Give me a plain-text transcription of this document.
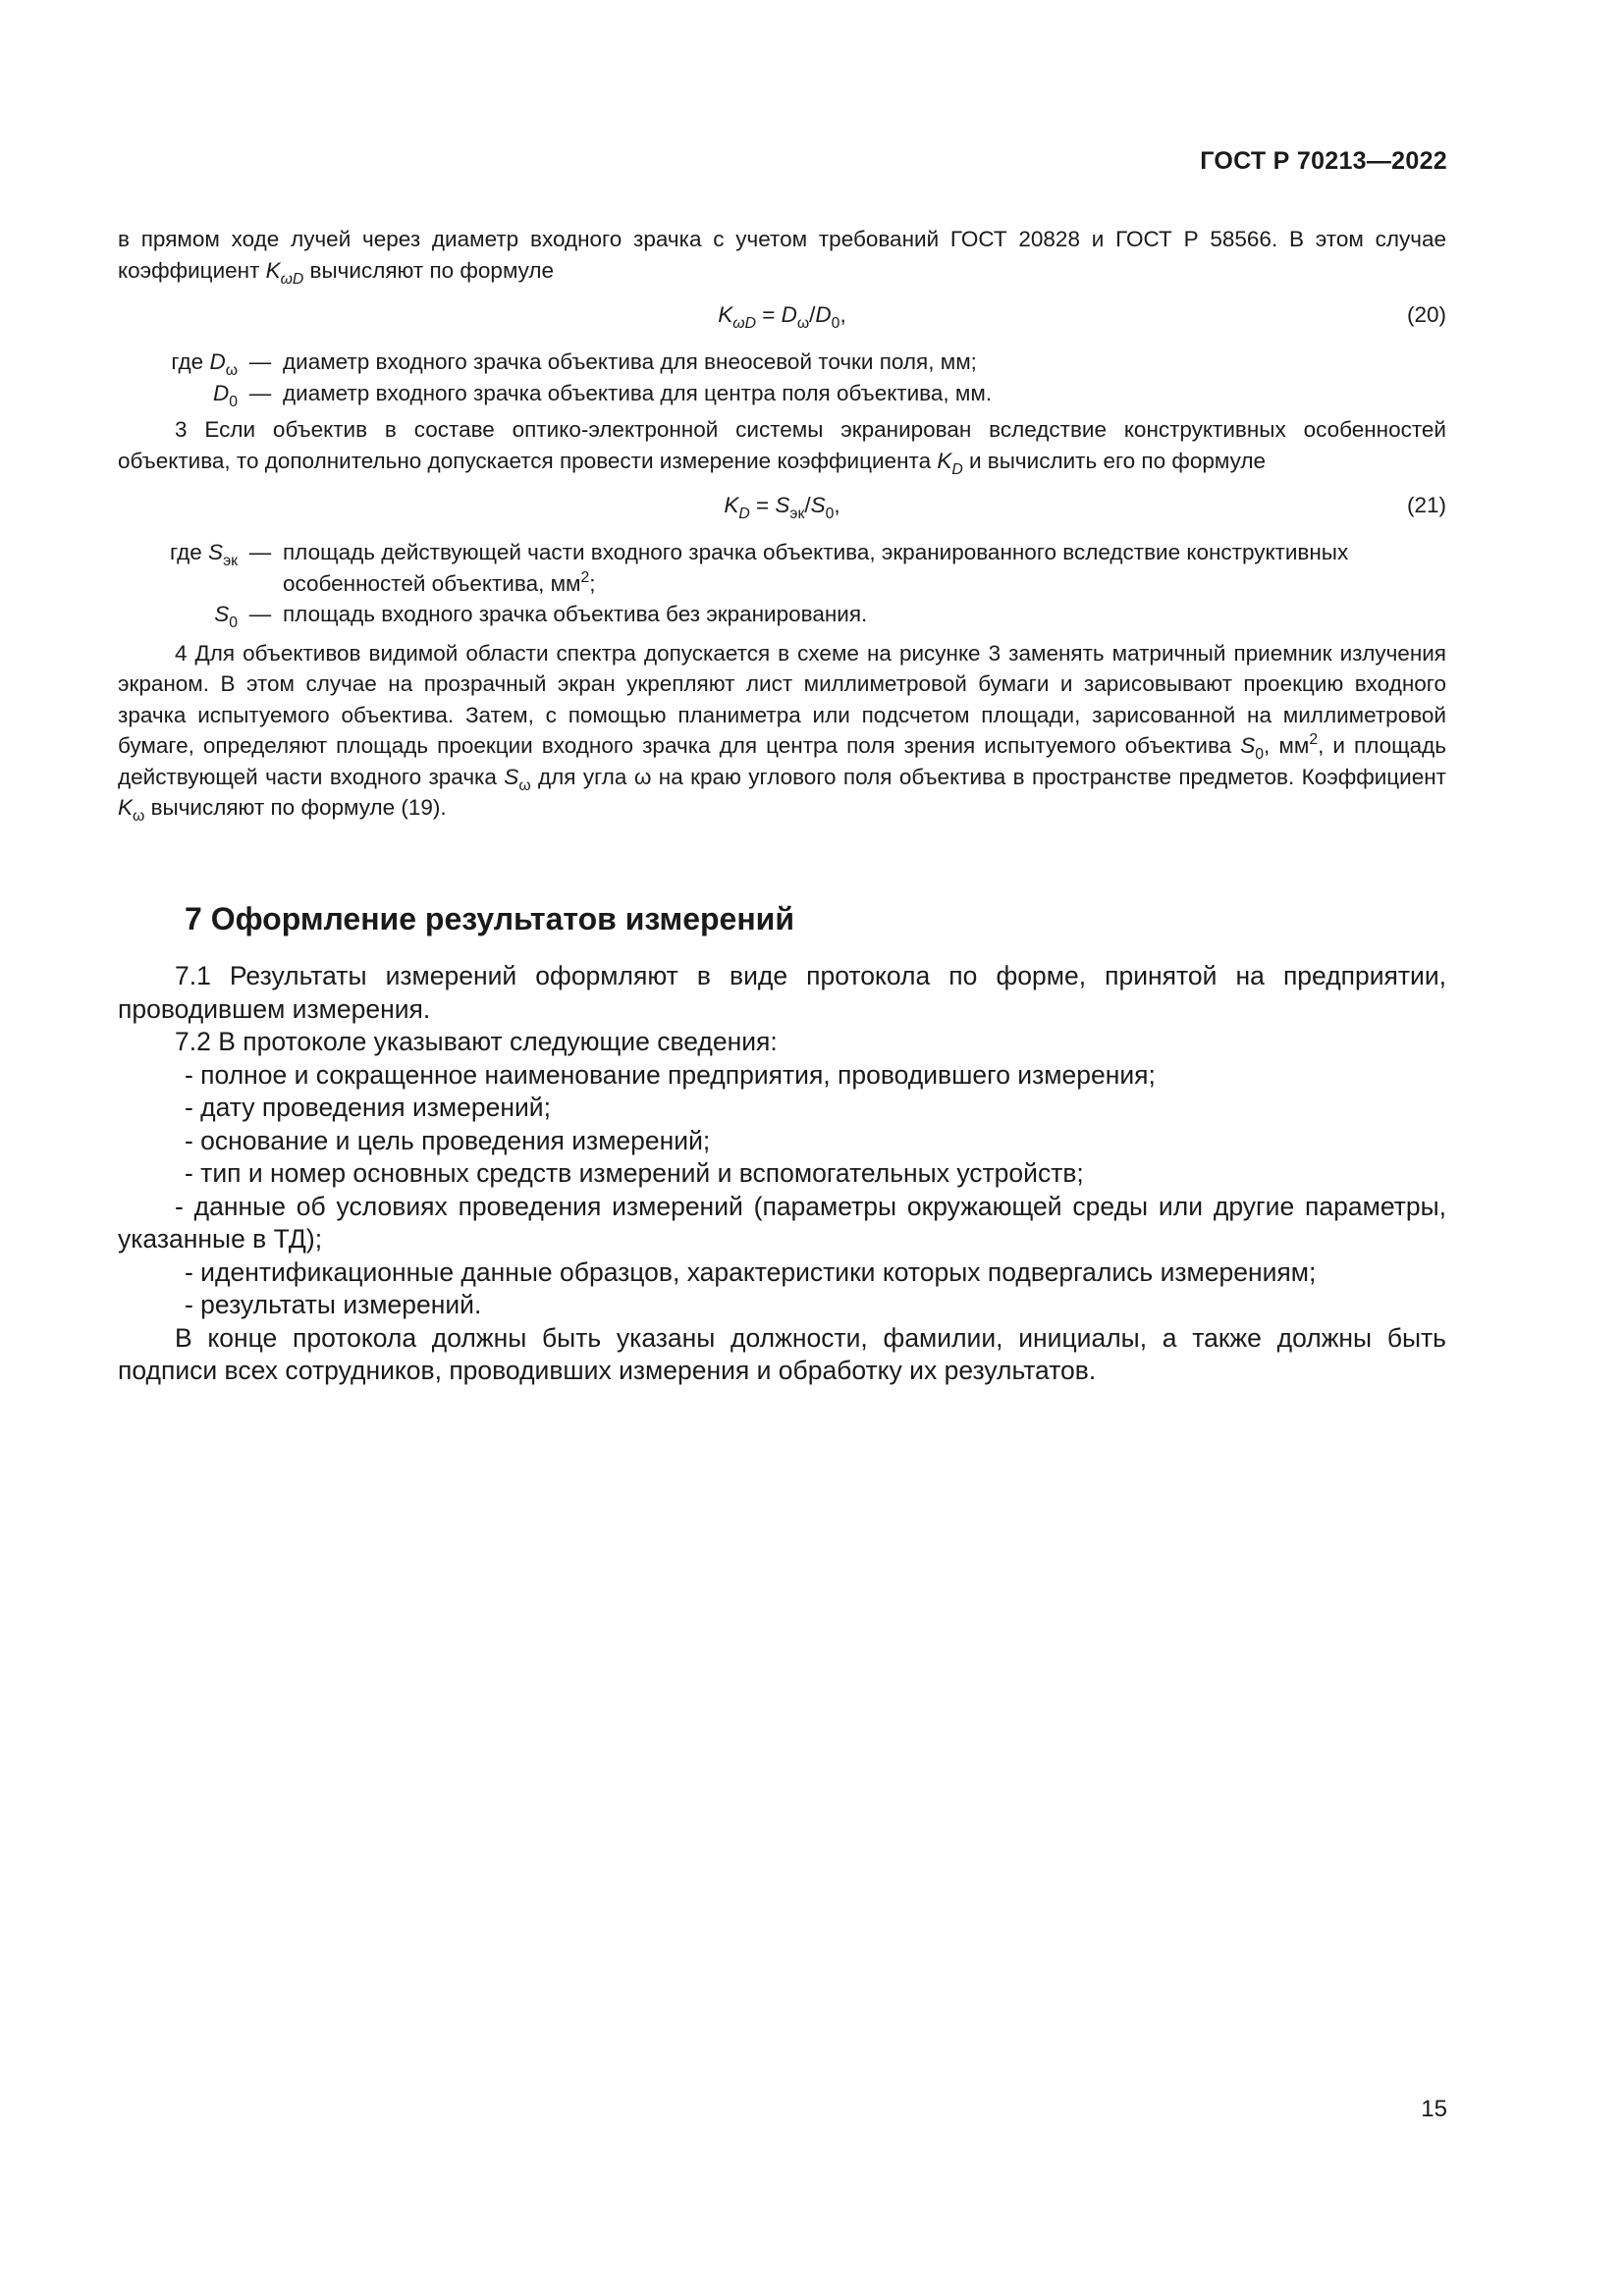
ГОСТ Р 70213—2022

в прямом ходе лучей через диаметр входного зрачка с учетом требований ГОСТ 20828 и ГОСТ Р 58566. В этом случае коэффициент $K_{\omega D}$ вычисляют по формуле

$K_{\omega D} = D_\omega/D_0$,	(20)
где $D_\omega$ — диаметр входного зрачка объектива для внеосевой точки поля, мм;
$D_0$ — диаметр входного зрачка объектива для центра поля объектива, мм.

3 Если объектив в составе оптико-электронной системы экранирован вследствие конструктивных особенностей объектива, то дополнительно допускается провести измерение коэффициента $K_D$ и вычислить его по формуле

$K_D = S_{эк}/S_0$,	(21)
где $S_{эк}$ — площадь действующей части входного зрачка объектива, экранированного вследствие конструктивных особенностей объектива, $мм^2$;
$S_0$ — площадь входного зрачка объектива без экранирования.

4 Для объективов видимой области спектра допускается в схеме на рисунке 3 заменять матричный приемник излучения экраном. В этом случае на прозрачный экран укрепляют лист миллиметровой бумаги и зарисовывают проекцию входного зрачка испытуемого объектива. Затем, с помощью планиметра или подсчетом площади, зарисованной на миллиметровой бумаге, определяют площадь проекции входного зрачка для центра поля зрения испытуемого объектива $S_0$, $мм^2$, и площадь действующей части входного зрачка $S_\omega$ для угла ω на краю углового поля объектива в пространстве предметов. Коэффициент $K_\omega$ вычисляют по формуле (19).

7 Оформление результатов измерений

7.1 Результаты измерений оформляют в виде протокола по форме, принятой на предприятии, проводившем измерения.

7.2 В протоколе указывают следующие сведения:

- полное и сокращенное наименование предприятия, проводившего измерения;
- дату проведения измерений;
- основание и цель проведения измерений;
- тип и номер основных средств измерений и вспомогательных устройств;

- данные об условиях проведения измерений (параметры окружающей среды или другие параметры, указанные в ТД);

- идентификационные данные образцов, характеристики которых подвергались измерениям;
- результаты измерений.

В конце протокола должны быть указаны должности, фамилии, инициалы, а также должны быть подписи всех сотрудников, проводивших измерения и обработку их результатов.

15
